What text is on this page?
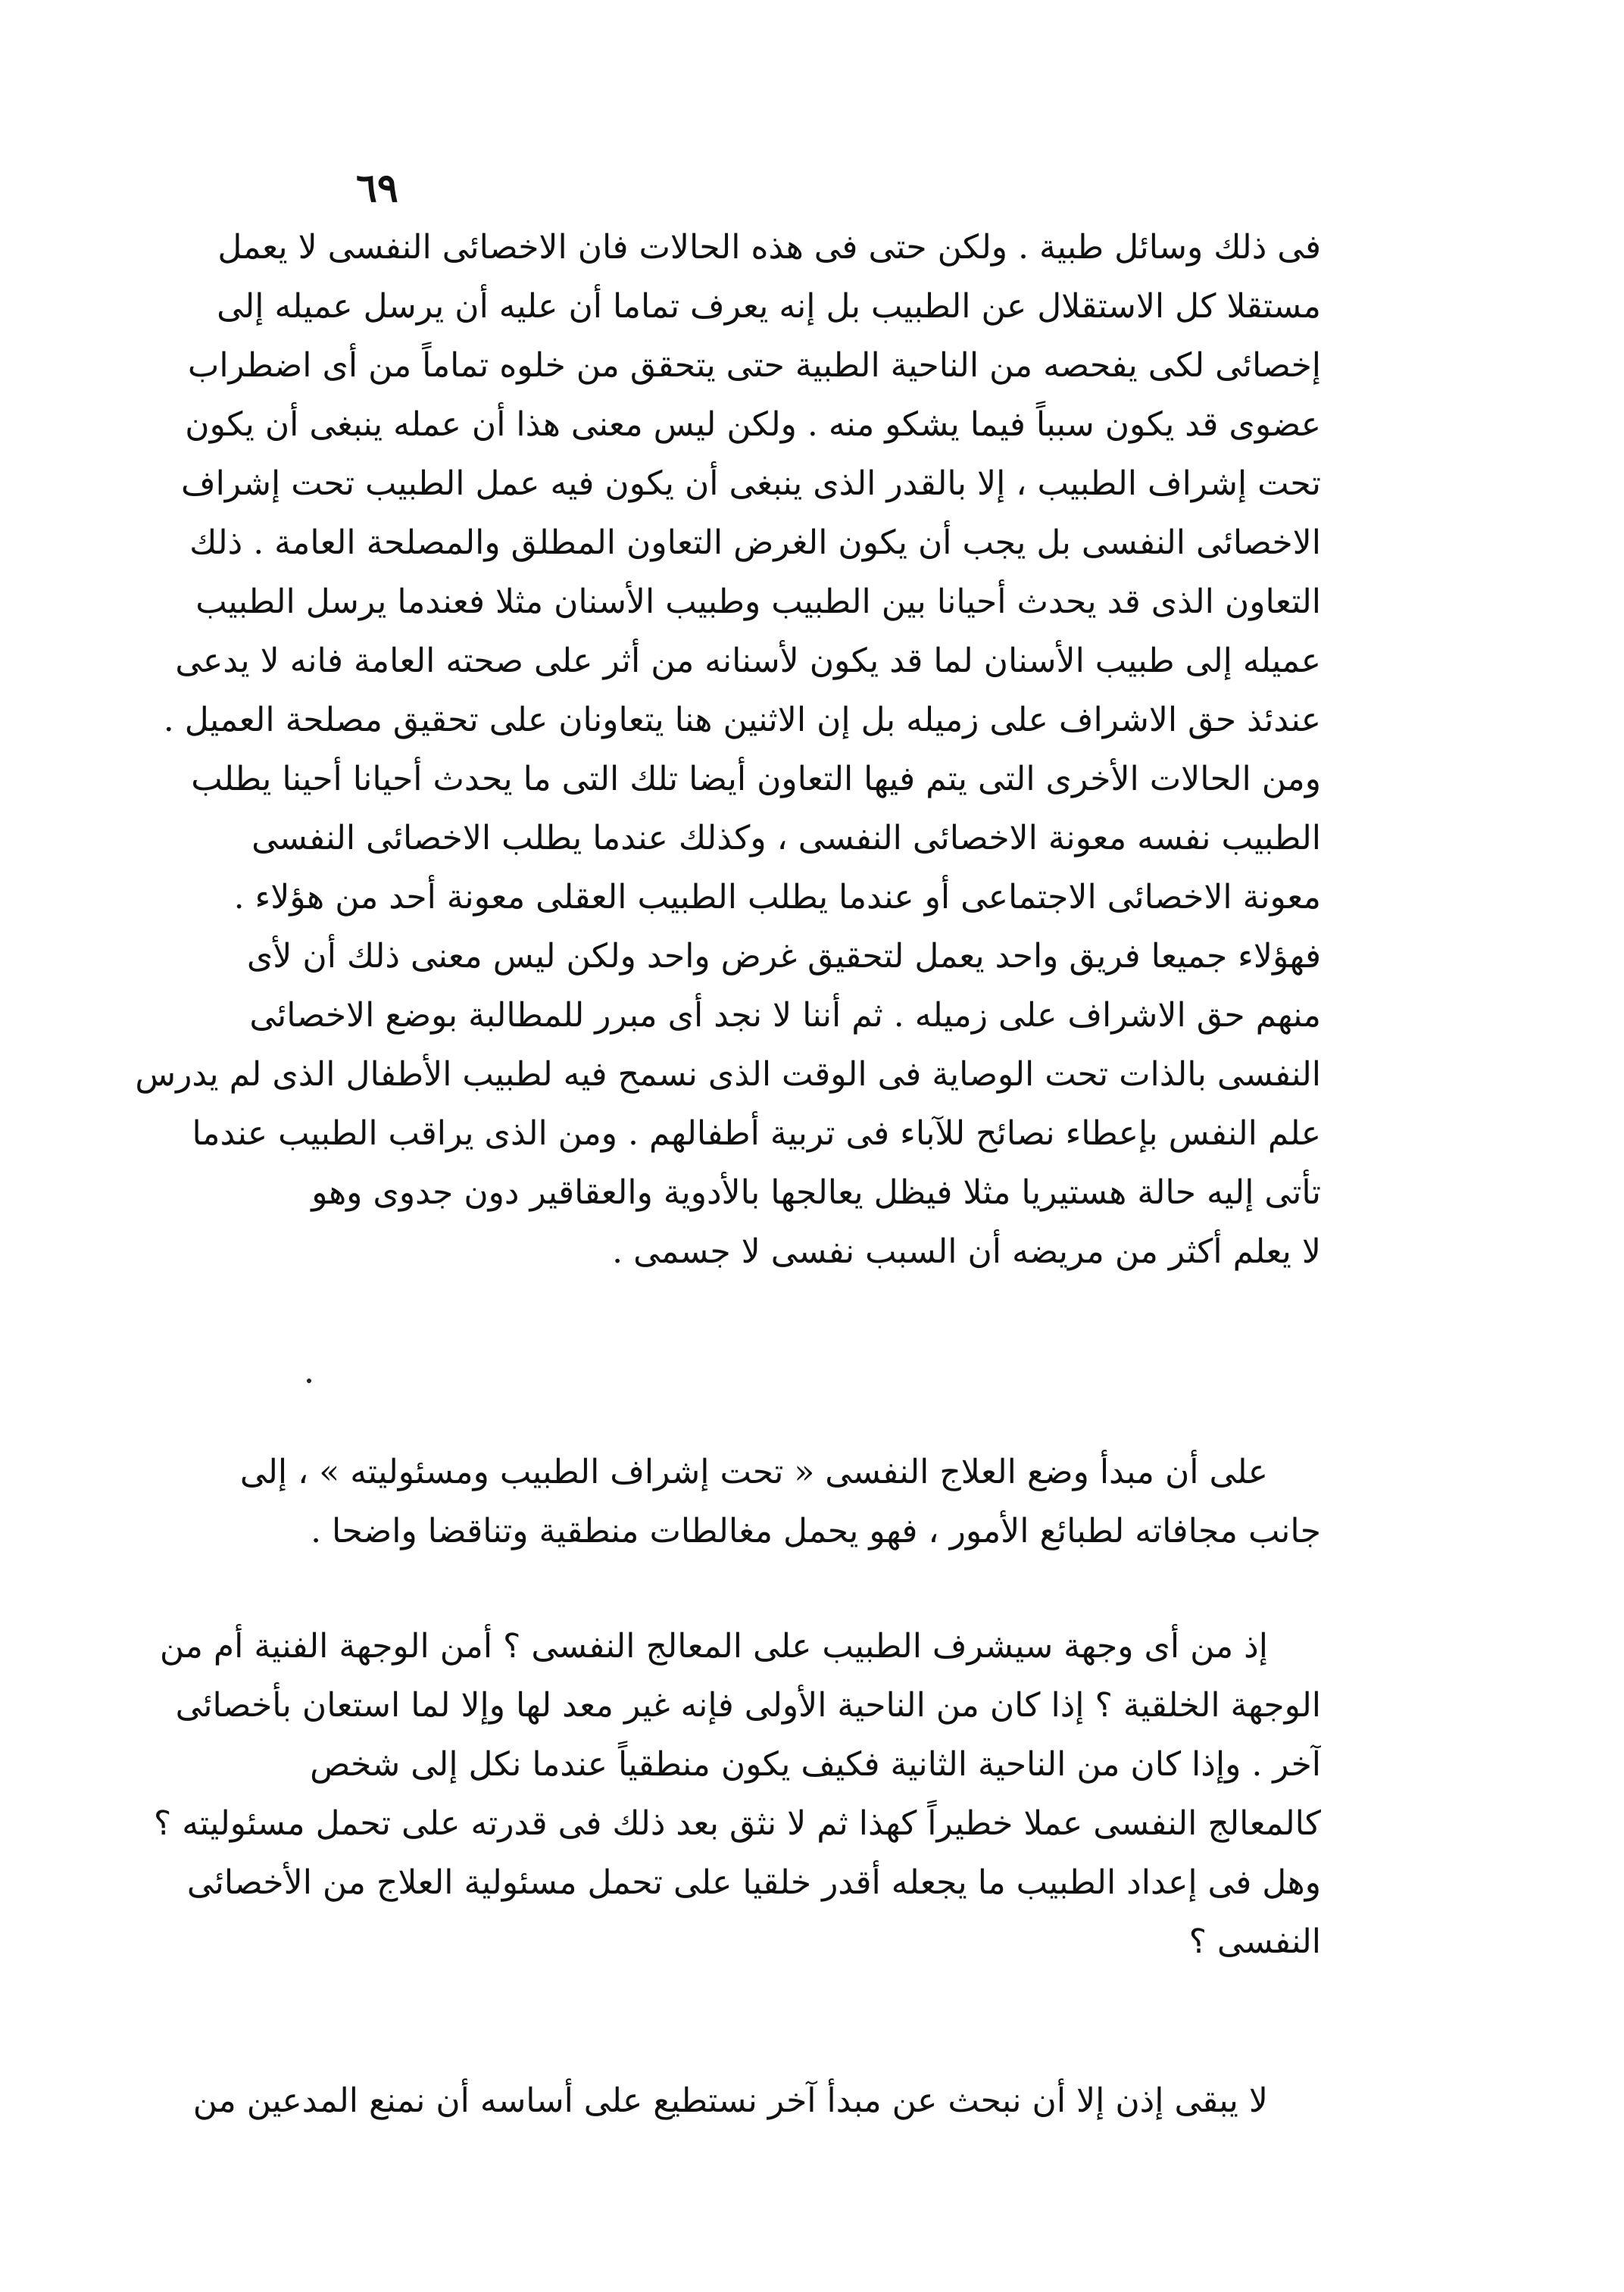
٦٩
فى ذلك وسائل طبية . ولكن حتى فى هذه الحالات فان الاخصائى النفسى لا يعمل
مستقلا كل الاستقلال عن الطبيب بل إنه يعرف تماما أن عليه أن يرسل عميله إلى
إخصائى لكى يفحصه من الناحية الطبية حتى يتحقق من خلوه تماماً من أى اضطراب
عضوى قد يكون سبباً فيما يشكو منه . ولكن ليس معنى هذا أن عمله ينبغى أن يكون
تحت إشراف الطبيب ، إلا بالقدر الذى ينبغى أن يكون فيه عمل الطبيب تحت إشراف
الاخصائى النفسى بل يجب أن يكون الغرض التعاون المطلق والمصلحة العامة . ذلك
التعاون الذى قد يحدث أحيانا بين الطبيب وطبيب الأسنان مثلا فعندما يرسل الطبيب
عميله إلى طبيب الأسنان لما قد يكون لأسنانه من أثر على صحته العامة فانه لا يدعى
عندئذ حق الاشراف على زميله بل إن الاثنين هنا يتعاونان على تحقيق مصلحة العميل .
ومن الحالات الأخرى التى يتم فيها التعاون أيضا تلك التى ما يحدث أحيانا أحينا يطلب
الطبيب نفسه معونة الاخصائى النفسى ، وكذلك عندما يطلب الاخصائى النفسى
معونة الاخصائى الاجتماعى أو عندما يطلب الطبيب العقلى معونة أحد من هؤلاء .
فهؤلاء جميعا فريق واحد يعمل لتحقيق غرض واحد ولكن ليس معنى ذلك أن لأى
منهم حق الاشراف على زميله . ثم أننا لا نجد أى مبرر للمطالبة بوضع الاخصائى
النفسى بالذات تحت الوصاية فى الوقت الذى نسمح فيه لطبيب الأطفال الذى لم يدرس
علم النفس بإعطاء نصائح للآباء فى تربية أطفالهم . ومن الذى يراقب الطبيب عندما
تأتى إليه حالة هستيريا مثلا فيظل يعالجها بالأدوية والعقاقير دون جدوى وهو
لا يعلم أكثر من مريضه أن السبب نفسى لا جسمى .
على أن مبدأ وضع العلاج النفسى « تحت إشراف الطبيب ومسئوليته » ، إلى
جانب مجافاته لطبائع الأمور ، فهو يحمل مغالطات منطقية وتناقضا واضحا .
إذ من أى وجهة سيشرف الطبيب على المعالج النفسى ؟ أمن الوجهة الفنية أم من
الوجهة الخلقية ؟ إذا كان من الناحية الأولى فإنه غير معد لها وإلا لما استعان بأخصائى
آخر . وإذا كان من الناحية الثانية فكيف يكون منطقياً عندما نكل إلى شخص
كالمعالج النفسى عملا خطيراً كهذا ثم لا نثق بعد ذلك فى قدرته على تحمل مسئوليته ؟
وهل فى إعداد الطبيب ما يجعله أقدر خلقيا على تحمل مسئولية العلاج من الأخصائى
النفسى ؟
لا يبقى إذن إلا أن نبحث عن مبدأ آخر نستطيع على أساسه أن نمنع المدعين من
